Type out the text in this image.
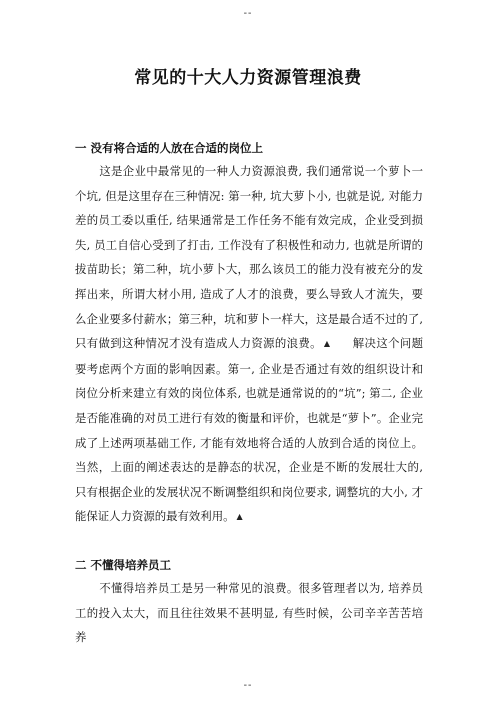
--
常见的十大人力资源管理浪费
一 没有将合适的人放在合适的岗位上

这是企业中最常见的一种人力资源浪费, 我们通常说一个萝卜一个坑, 但是这里存在三种情况: 第一种, 坑大萝卜小, 也就是说, 对能力差的员工委以重任, 结果通常是工作任务不能有效完成，企业受到损失, 员工自信心受到了打击, 工作没有了积极性和动力, 也就是所谓的拔苗助长；第二种，坑小萝卜大，那么该员工的能力没有被充分的发挥出来，所谓大材小用, 造成了人才的浪费，要么导致人才流失，要么企业要多付薪水；第三种，坑和萝卜一样大，这是最合适不过的了, 只有做到这种情况才没有造成人力资源的浪费。 ▲ 解决这个问题要考虑两个方面的影响因素。第一, 企业是否通过有效的组织设计和岗位分析来建立有效的岗位体系, 也就是通常说的的“坑”; 第二, 企业是否能准确的对员工进行有效的衡量和评价，也就是“萝卜”。企业完成了上述两项基础工作, 才能有效地将合适的人放到合适的岗位上。当然，上面的阐述表达的是静态的状况，企业是不断的发展壮大的, 只有根据企业的发展状况不断调整组织和岗位要求, 调整坑的大小, 才能保证人力资源的最有效利用。 ▲

二 不懂得培养员工

不懂得培养员工是另一种常见的浪费。很多管理者以为, 培养员工的投入太大，而且往往效果不甚明显, 有些时候，公司辛辛苦苦培养

--
